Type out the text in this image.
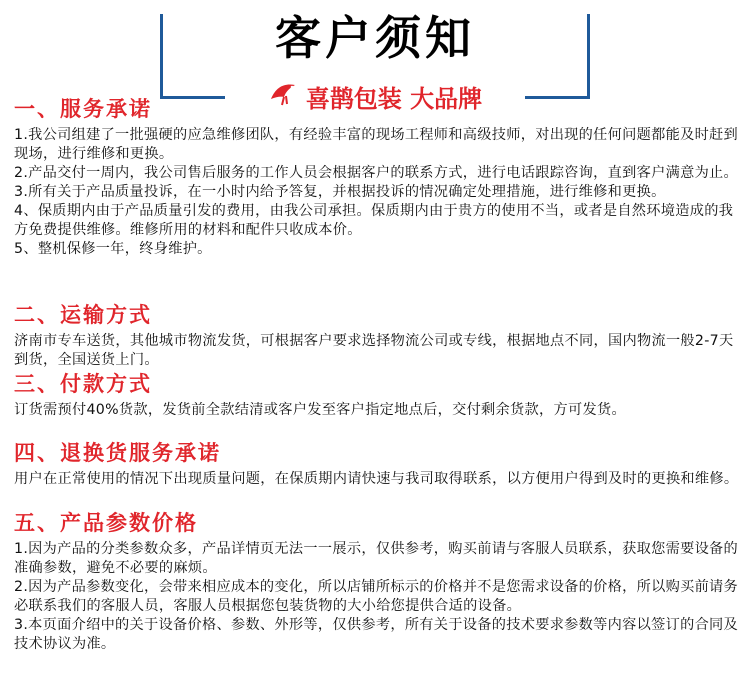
客户须知
喜鹊包装 大品牌
一、服务承诺
1.我公司组建了一批强硬的应急维修团队，有经验丰富的现场工程师和高级技师，对出现的任何问题都能及时赶到现场，进行维修和更换。
2.产品交付一周内，我公司售后服务的工作人员会根据客户的联系方式，进行电话跟踪咨询，直到客户满意为止。
3.所有关于产品质量投诉，在一小时内给予答复，并根据投诉的情况确定处理措施，进行维修和更换。
4、保质期内由于产品质量引发的费用，由我公司承担。保质期内由于贵方的使用不当，或者是自然环境造成的我方免费提供维修。维修所用的材料和配件只收成本价。
5、整机保修一年，终身维护。
二、运输方式
济南市专车送货，其他城市物流发货，可根据客户要求选择物流公司或专线，根据地点不同，国内物流一般2-7天到货，全国送货上门。
三、付款方式
订货需预付40%货款，发货前全款结清或客户发至客户指定地点后，交付剩余货款，方可发货。
四、退换货服务承诺
用户在正常使用的情况下出现质量问题，在保质期内请快速与我司取得联系，以方便用户得到及时的更换和维修。
五、产品参数价格
1.因为产品的分类参数众多，产品详情页无法一一展示，仅供参考，购买前请与客服人员联系，获取您需要设备的准确参数，避免不必要的麻烦。
2.因为产品参数变化，会带来相应成本的变化，所以店铺所标示的价格并不是您需求设备的价格，所以购买前请务必联系我们的客服人员，客服人员根据您包装货物的大小给您提供合适的设备。
3.本页面介绍中的关于设备价格、参数、外形等，仅供参考，所有关于设备的技术要求参数等内容以签订的合同及技术协议为准。
